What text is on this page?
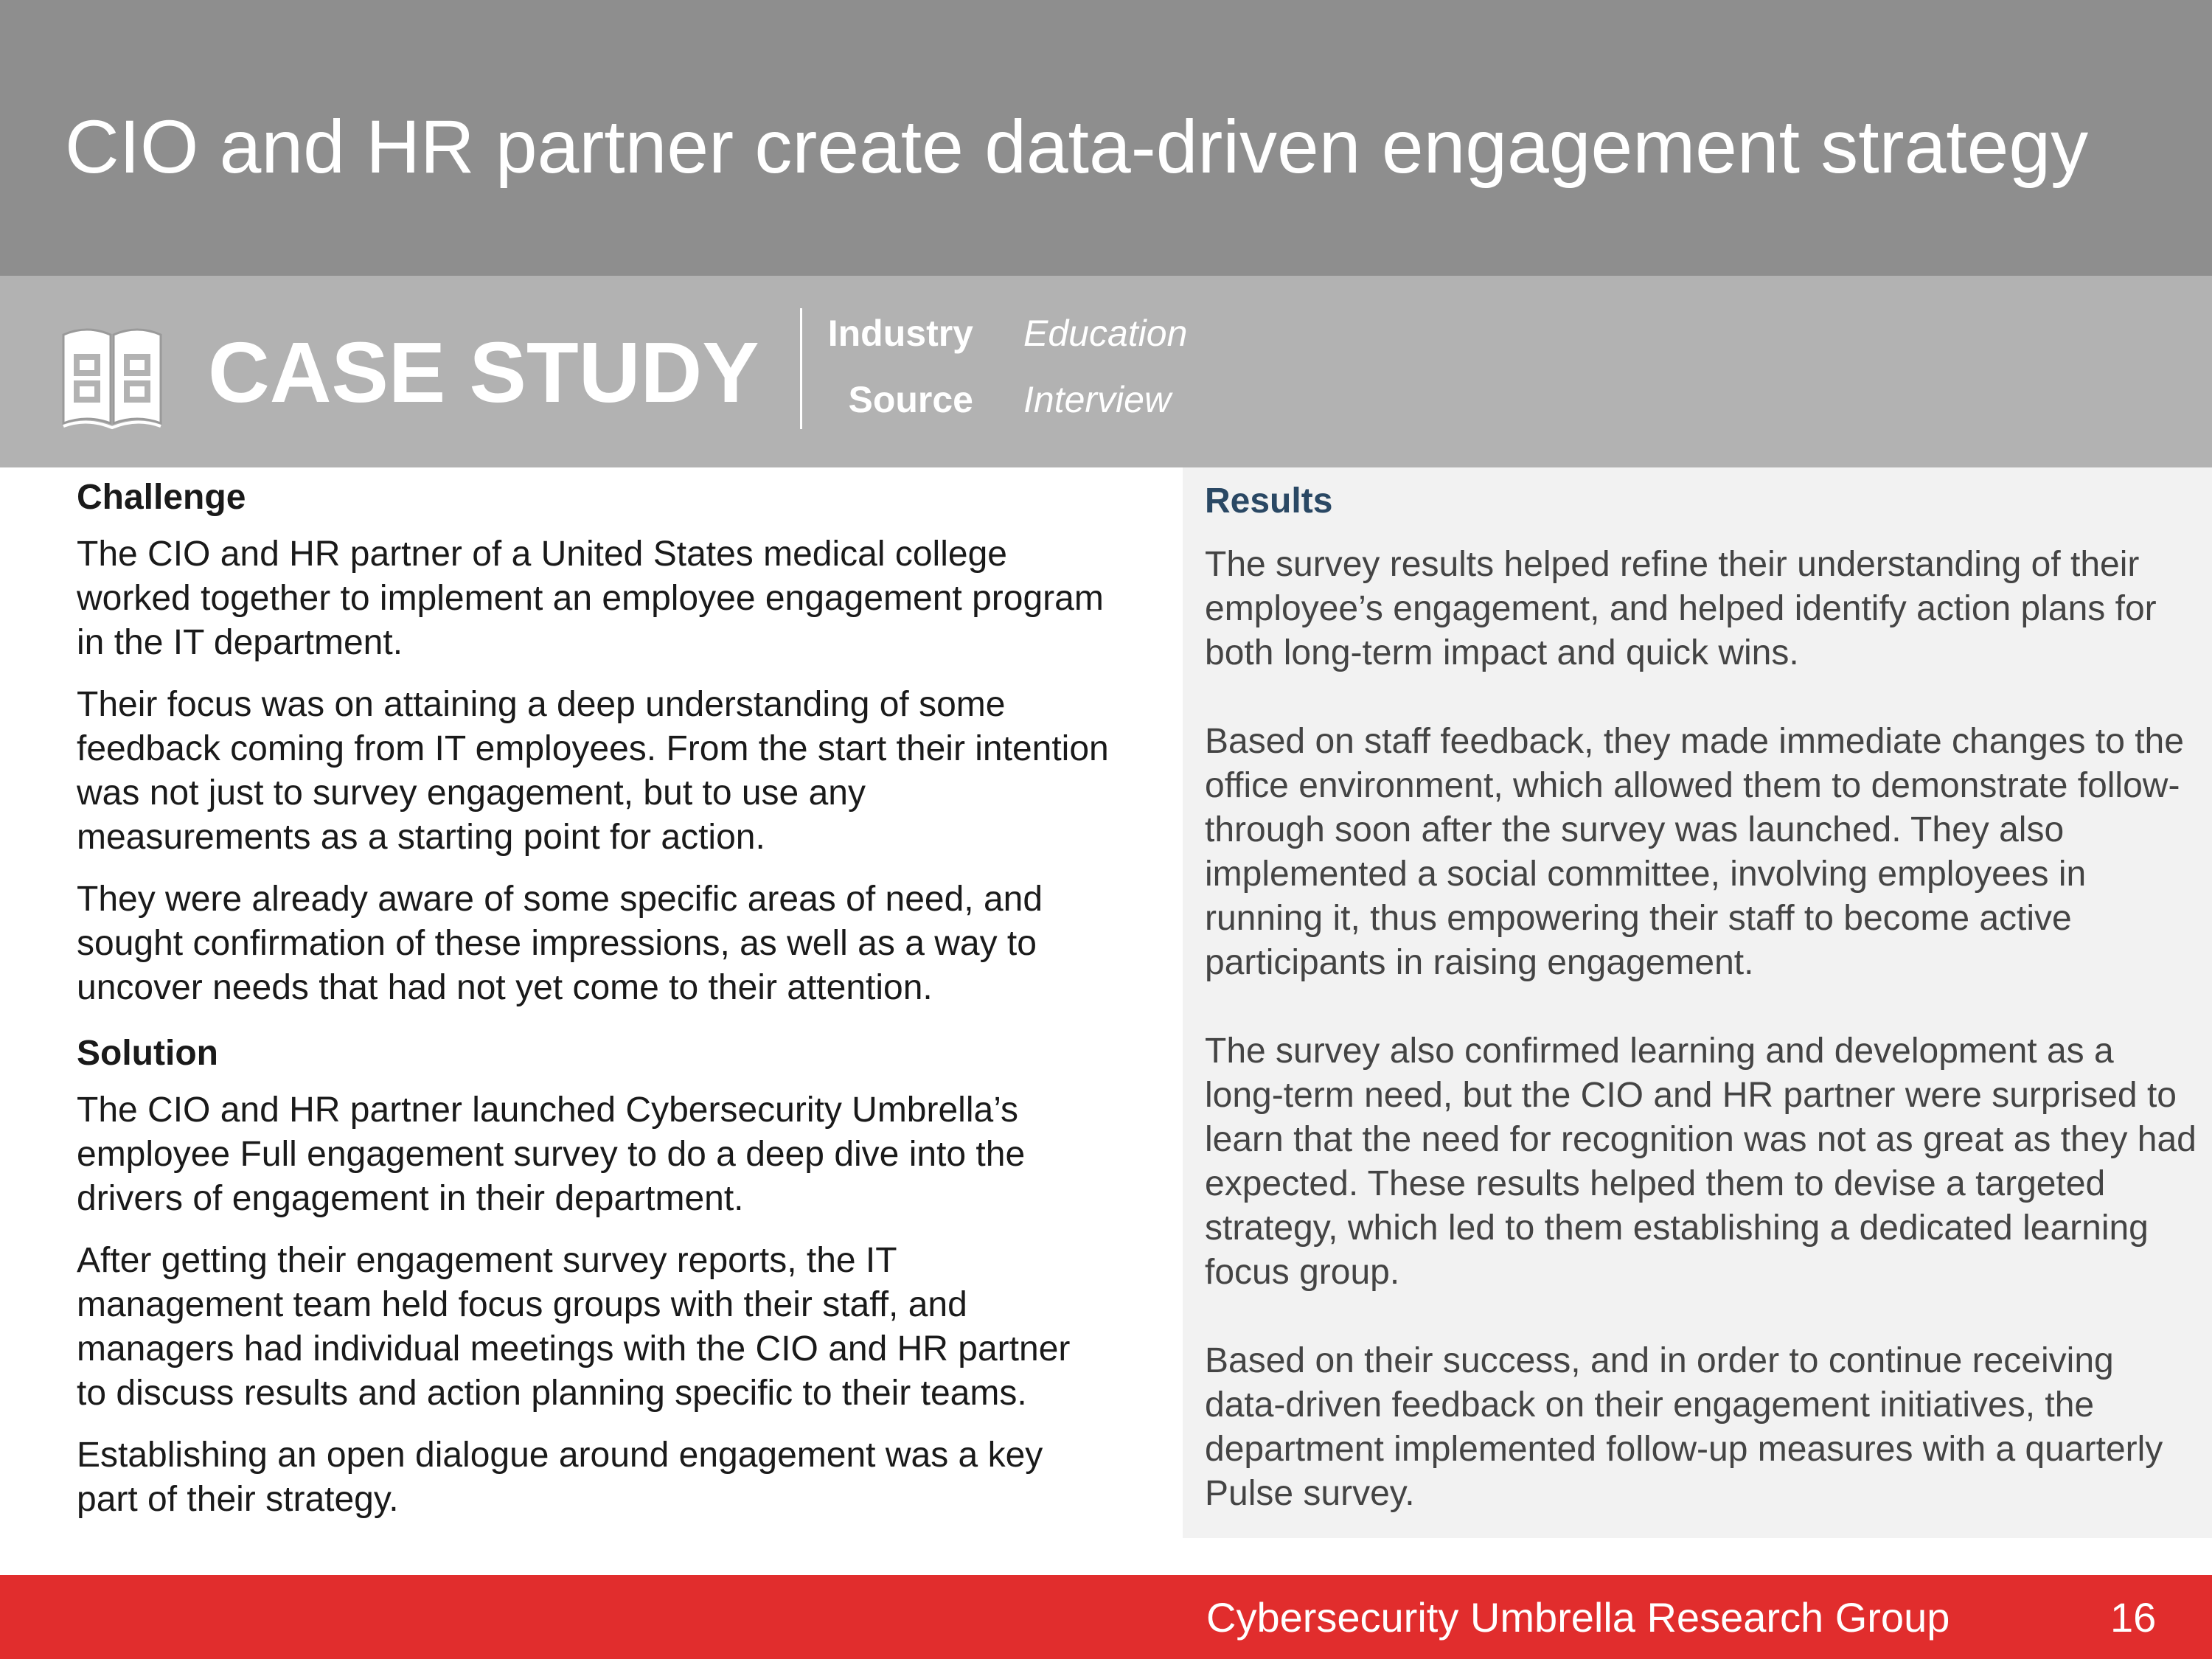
CIO and HR partner create data-driven engagement strategy
CASE STUDY	Industry Education
Source Interview
Challenge

The CIO and HR partner of a United States medical college worked together to implement an employee engagement program in the IT department.

Their focus was on attaining a deep understanding of some feedback coming from IT employees. From the start their intention was not just to survey engagement, but to use any measurements as a starting point for action.

They were already aware of some specific areas of need, and sought confirmation of these impressions, as well as a way to uncover needs that had not yet come to their attention.

Solution

The CIO and HR partner launched Cybersecurity Umbrella’s employee Full engagement survey to do a deep dive into the drivers of engagement in their department.

After getting their engagement survey reports, the IT management team held focus groups with their staff, and managers had individual meetings with the CIO and HR partner to discuss results and action planning specific to their teams.

Establishing an open dialogue around engagement was a key part of their strategy.

Results

The survey results helped refine their understanding of their employee’s engagement, and helped identify action plans for both long-term impact and quick wins.

Based on staff feedback, they made immediate changes to the office environment, which allowed them to demonstrate follow-through soon after the survey was launched. They also implemented a social committee, involving employees in running it, thus empowering their staff to become active participants in raising engagement.

The survey also confirmed learning and development as a long-term need, but the CIO and HR partner were surprised to learn that the need for recognition was not as great as they had expected. These results helped them to devise a targeted strategy, which led to them establishing a dedicated learning focus group.

Based on their success, and in order to continue receiving data-driven feedback on their engagement initiatives, the department implemented follow-up measures with a quarterly Pulse survey.

Cybersecurity Umbrella Research Group	16
